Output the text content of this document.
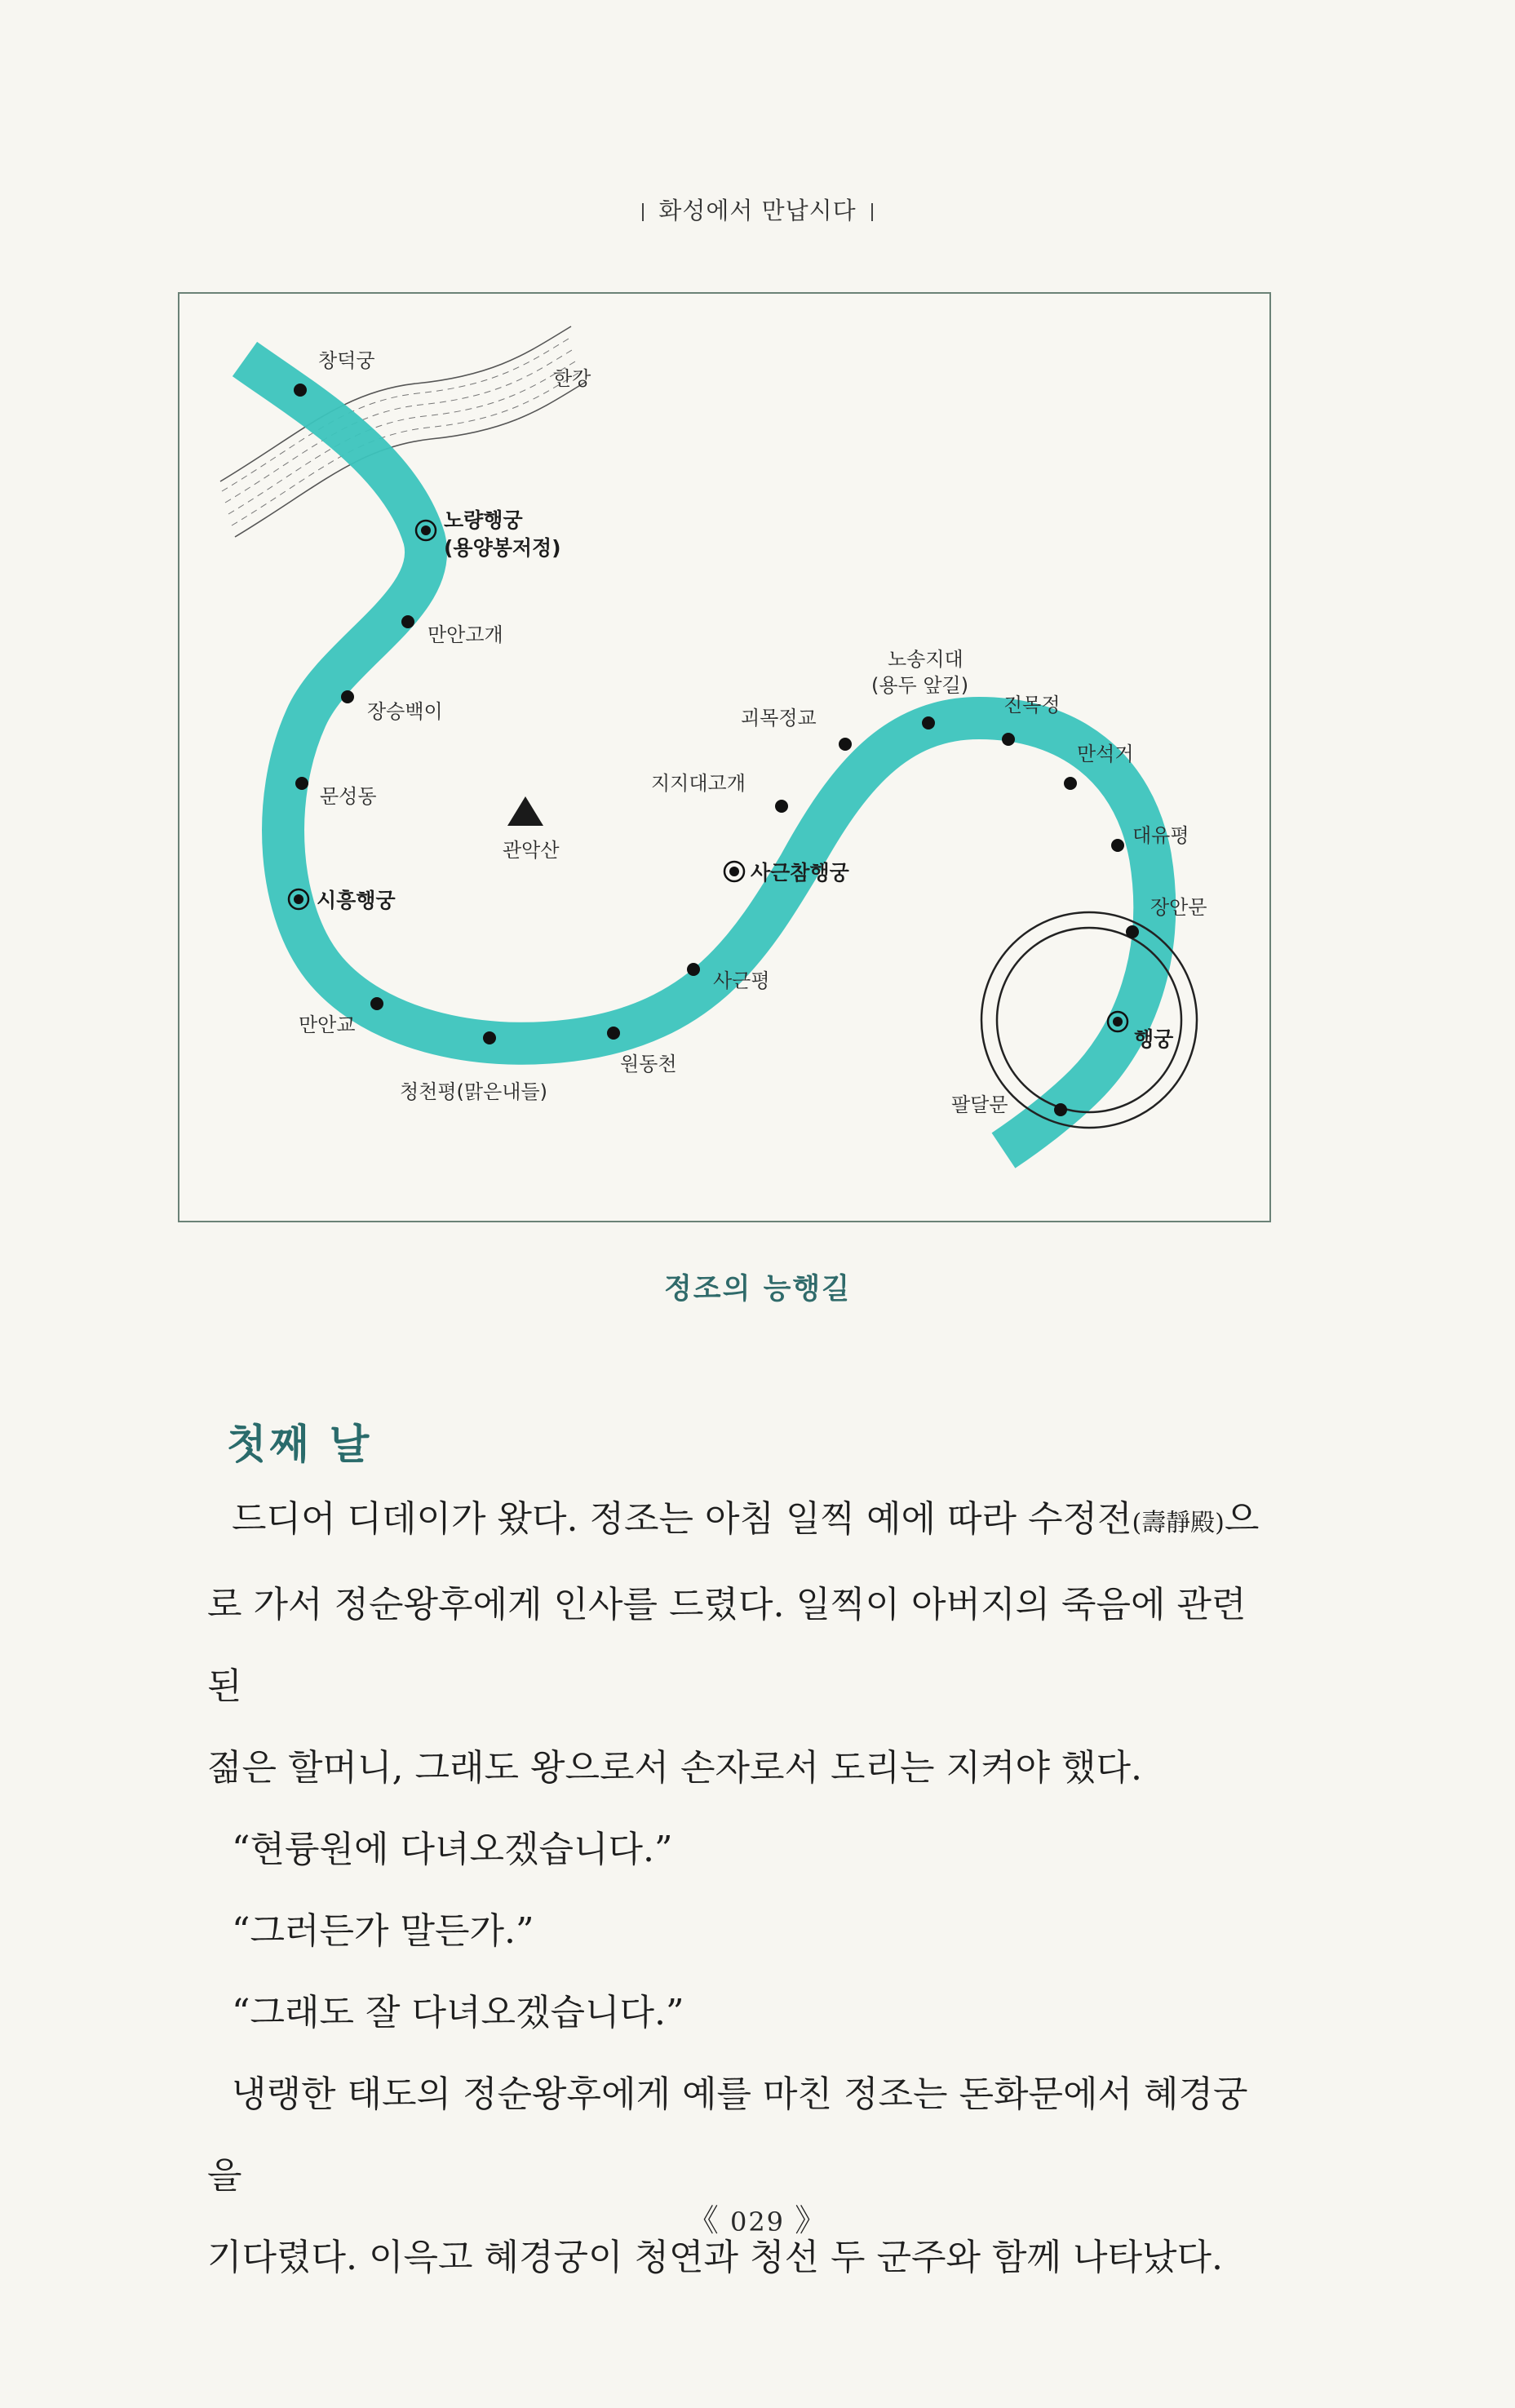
화성에서 만납시다
창덕궁
한강
노량행궁
(용양봉저정)
만안고개
장승백이
문성동
시흥행궁
만안교
청천평(맑은내들)
원동천
사근평
사근참행궁
관악산
지지대고개
괴목정교
노송지대
(용두 앞길)
진목정
만석거
대유평
장안문
행궁
팔달문
정조의 능행길
첫째 날

드디어 디데이가 왔다. 정조는 아침 일찍 예에 따라 수정전(壽靜殿)으

로 가서 정순왕후에게 인사를 드렸다. 일찍이 아버지의 죽음에 관련된

젊은 할머니, 그래도 왕으로서 손자로서 도리는 지켜야 했다.

“현륭원에 다녀오겠습니다.”

“그러든가 말든가.”

“그래도 잘 다녀오겠습니다.”

냉랭한 태도의 정순왕후에게 예를 마친 정조는 돈화문에서 혜경궁을

기다렸다. 이윽고 혜경궁이 청연과 청선 두 군주와 함께 나타났다.

《 029 》
